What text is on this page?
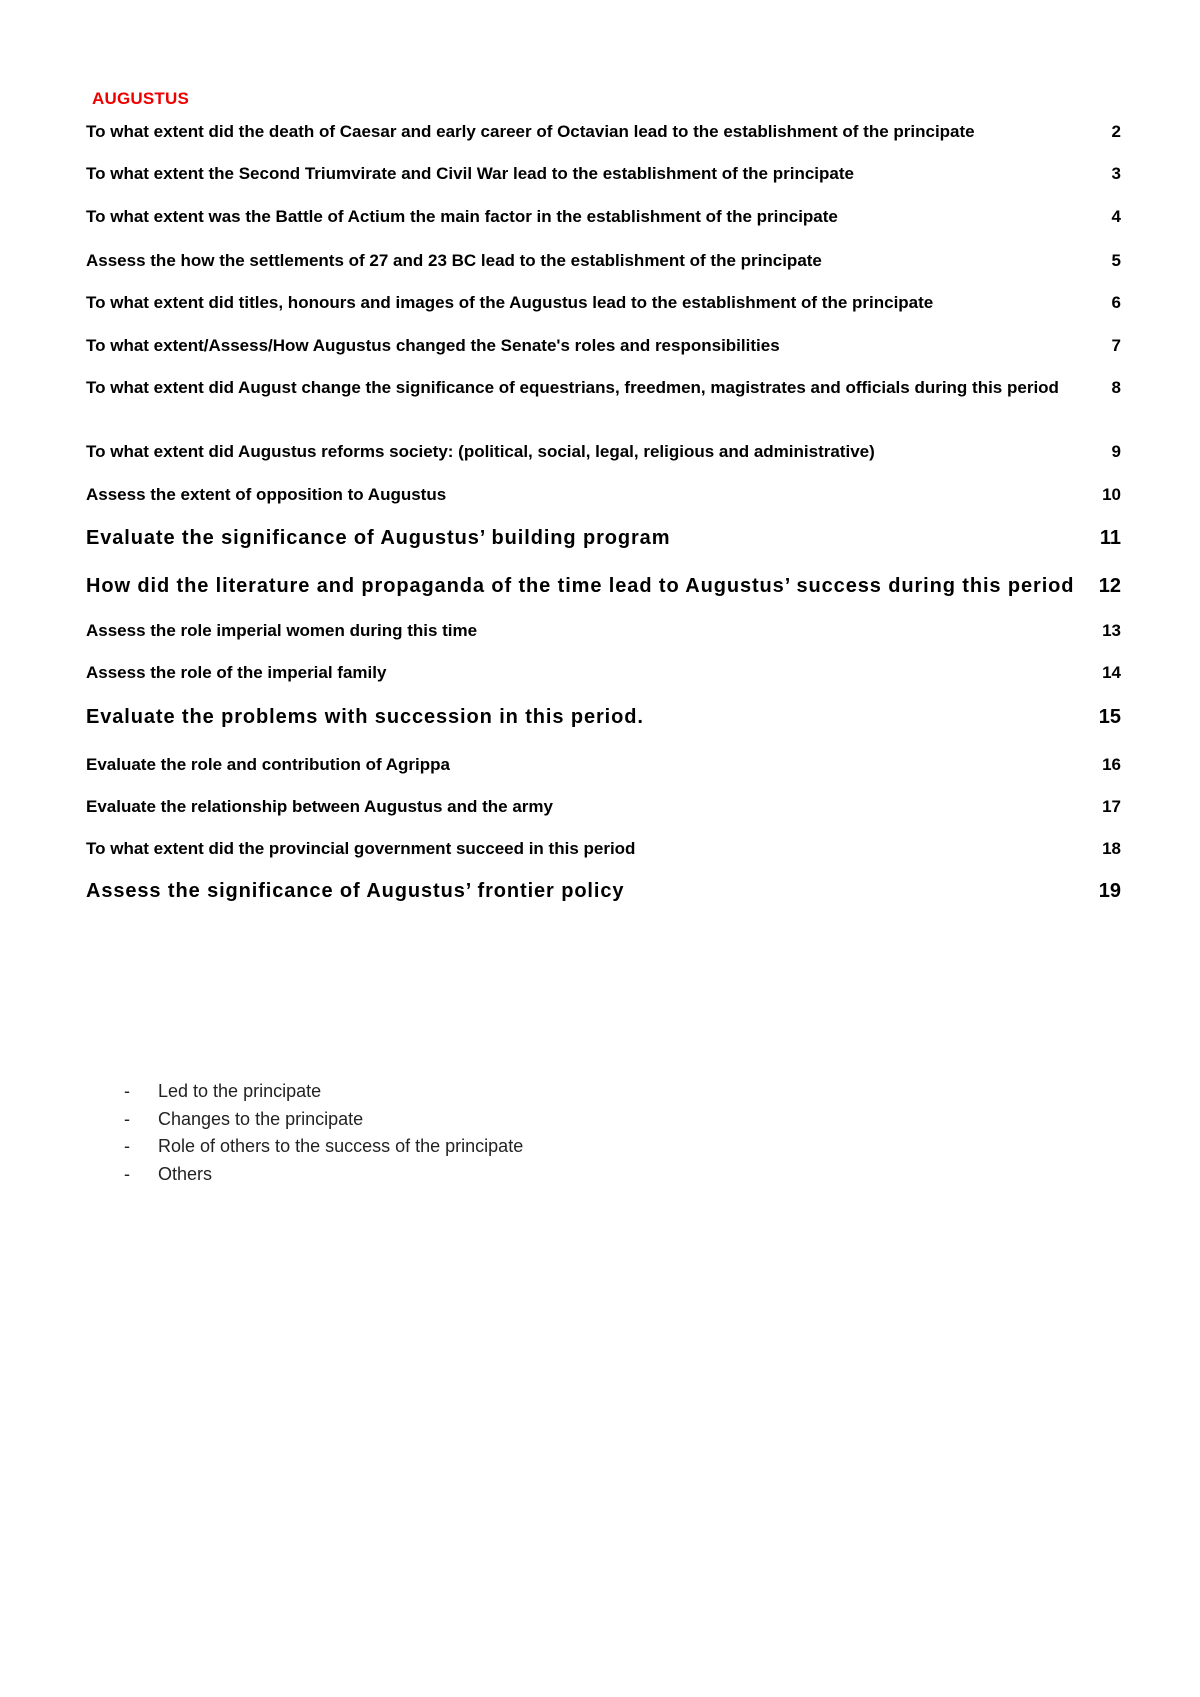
AUGUSTUS
To what extent did the death of Caesar and early career of Octavian lead to the establishment of the principate	2
To what extent the Second Triumvirate and Civil War lead to the establishment of the principate	3
To what extent was the Battle of Actium the main factor in the establishment of the principate	4
Assess the how the settlements of 27 and 23 BC lead to the establishment of the principate	5
To what extent did titles, honours and images of the Augustus lead to the establishment of the principate	6
To what extent/Assess/How Augustus changed the Senate's roles and responsibilities	7
To what extent did August change the significance of equestrians, freedmen, magistrates and officials during this period	8
To what extent did Augustus reforms society: (political, social, legal, religious and administrative)	9
Assess the extent of opposition to Augustus	10
Evaluate the significance of Augustus’ building program	11
How did the literature and propaganda of the time lead to Augustus’ success during this period	12
Assess the role imperial women during this time	13
Assess the role of the imperial family	14
Evaluate the problems with succession in this period.	15
Evaluate the role and contribution of Agrippa	16
Evaluate the relationship between Augustus and the army	17
To what extent did the provincial government succeed in this period	18
Assess the significance of Augustus’ frontier policy	19
-	Led to the principate
-	Changes to the principate
-	Role of others to the success of the principate
-	Others
